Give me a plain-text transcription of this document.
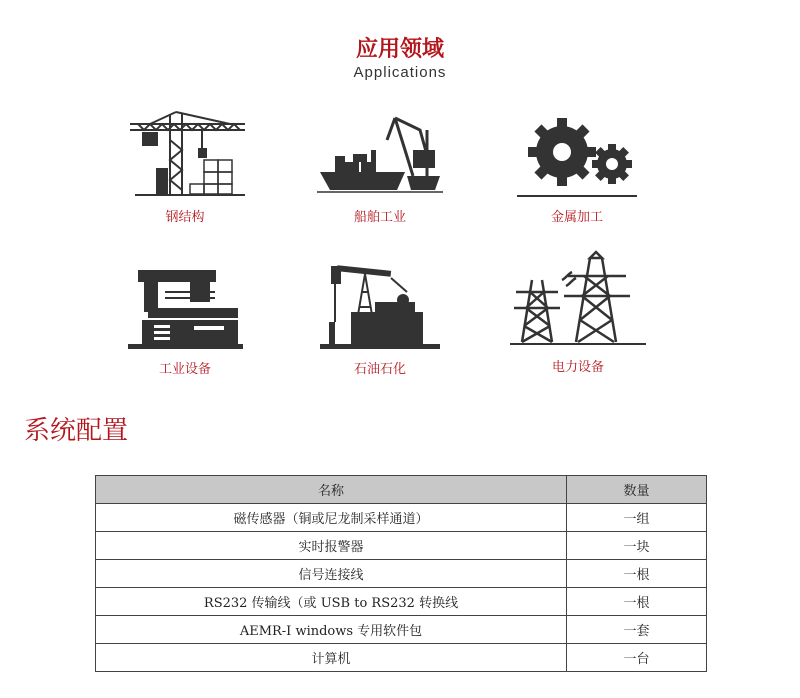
应用领域
Applications
钢结构	船舶工业	金属加工
工业设备	石油石化	电力设备
系统配置
名称	数量
磁传感器（铜或尼龙制采样通道）	一组
实时报警器	一块
信号连接线	一根
RS232 传输线（或 USB to RS232 转换线	一根
AEMR-I windows 专用软件包	一套
计算机	一台
